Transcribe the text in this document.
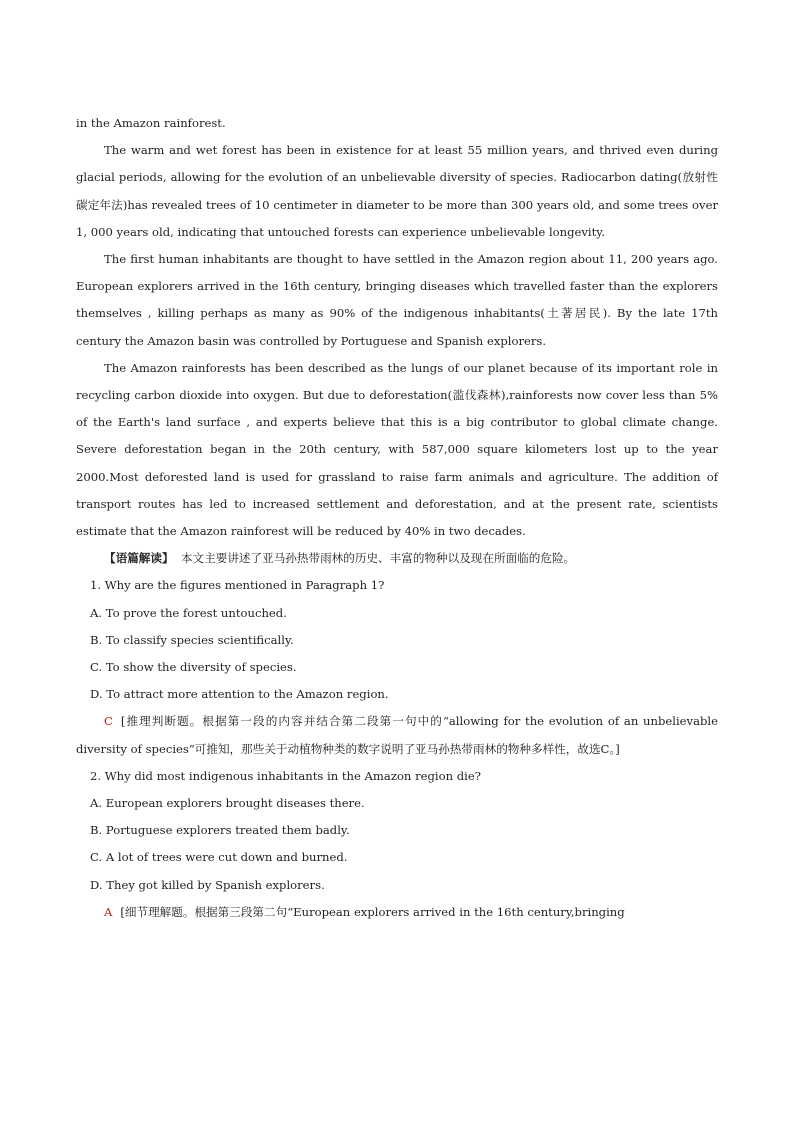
in the Amazon rainforest.

The warm and wet forest has been in existence for at least 55 million years, and thrived even during glacial periods, allowing for the evolution of an unbelievable diversity of species. Radiocarbon dating(放射性碳定年法)has revealed trees of 10 centimeter in diameter to be more than 300 years old, and some trees over 1, 000 years old, indicating that untouched forests can experience unbelievable longevity.

The first human inhabitants are thought to have settled in the Amazon region about 11, 200 years ago. European explorers arrived in the 16th century, bringing diseases which travelled faster than the explorers themselves , killing perhaps as many as 90% of the indigenous inhabitants(土著居民). By the late 17th century the Amazon basin was controlled by Portuguese and Spanish explorers.

The Amazon rainforests has been described as the lungs of our planet because of its important role in recycling carbon dioxide into oxygen. But due to deforestation(滥伐森林),rainforests now cover less than 5% of the Earth's land surface , and experts believe that this is a big contributor to global climate change. Severe deforestation began in the 20th century, with 587,000 square kilometers lost up to the year 2000.Most deforested land is used for grassland to raise farm animals and agriculture. The addition of transport routes has led to increased settlement and deforestation, and at the present rate, scientists estimate that the Amazon rainforest will be reduced by 40% in two decades.

【语篇解读】 本文主要讲述了亚马孙热带雨林的历史、丰富的物种以及现在所面临的危险。

1. Why are the figures mentioned in Paragraph 1?

A. To prove the forest untouched.

B. To classify species scientifically.

C. To show the diversity of species.

D. To attract more attention to the Amazon region.

C [推理判断题。根据第一段的内容并结合第二段第一句中的“allowing for the evolution of an unbelievable diversity of species”可推知，那些关于动植物种类的数字说明了亚马孙热带雨林的物种多样性，故选C。]

2. Why did most indigenous inhabitants in the Amazon region die?

A. European explorers brought diseases there.

B. Portuguese explorers treated them badly.

C. A lot of trees were cut down and burned.

D. They got killed by Spanish explorers.

A [细节理解题。根据第三段第二句“European explorers arrived in the 16th century,bringing
